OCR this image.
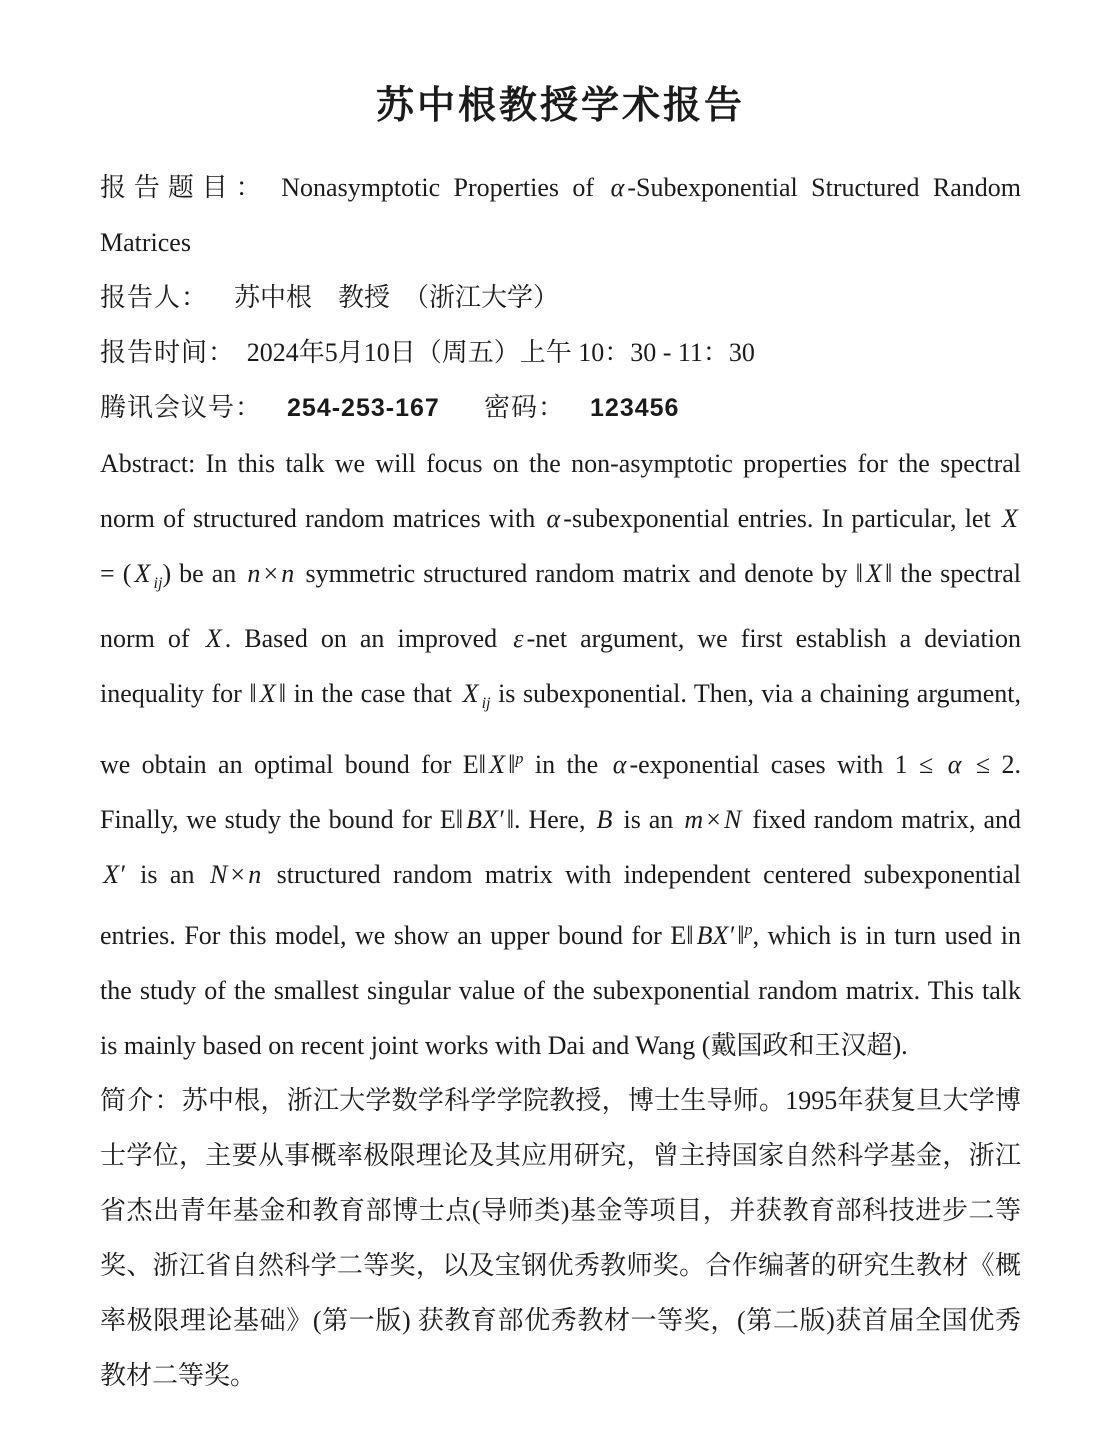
苏中根教授学术报告

报告题目： Nonasymptotic Properties of α -Subexponential Structured Random Matrices

报告人： 苏中根　教授　（浙江大学）

报告时间： 2024年5月10日（周五）上午 10：30 - 11：30

腾讯会议号： 254-253-167 密码： 123456

Abstract: In this talk we will focus on the non-asymptotic properties for the spectral norm of structured random matrices with α -subexponential entries. In particular, let X = ( X $_{ij}$) be an n × n symmetric structured random matrix and denote by ‖ X ‖ the spectral norm of X . Based on an improved ε -net argument, we first establish a deviation inequality for ‖ X ‖ in the case that X $_{ij}$ is subexponential. Then, via a chaining argument, we obtain an optimal bound for E‖ X ‖$^p$ in the α -exponential cases with 1 ≤ α ≤ 2. Finally, we study the bound for E‖ BX′ ‖. Here, B is an m × N fixed random matrix, and X′ is an N × n structured random matrix with independent centered subexponential entries. For this model, we show an upper bound for E‖ BX′ ‖$^p$, which is in turn used in the study of the smallest singular value of the subexponential random matrix. This talk is mainly based on recent joint works with Dai and Wang (戴国政和王汉超).

简介：苏中根，浙江大学数学科学学院教授，博士生导师。1995年获复旦大学博士学位，主要从事概率极限理论及其应用研究，曾主持国家自然科学基金，浙江省杰出青年基金和教育部博士点(导师类)基金等项目，并获教育部科技进步二等奖、浙江省自然科学二等奖，以及宝钢优秀教师奖。合作编著的研究生教材《概率极限理论基础》(第一版) 获教育部优秀教材一等奖，(第二版)获首届全国优秀教材二等奖。
